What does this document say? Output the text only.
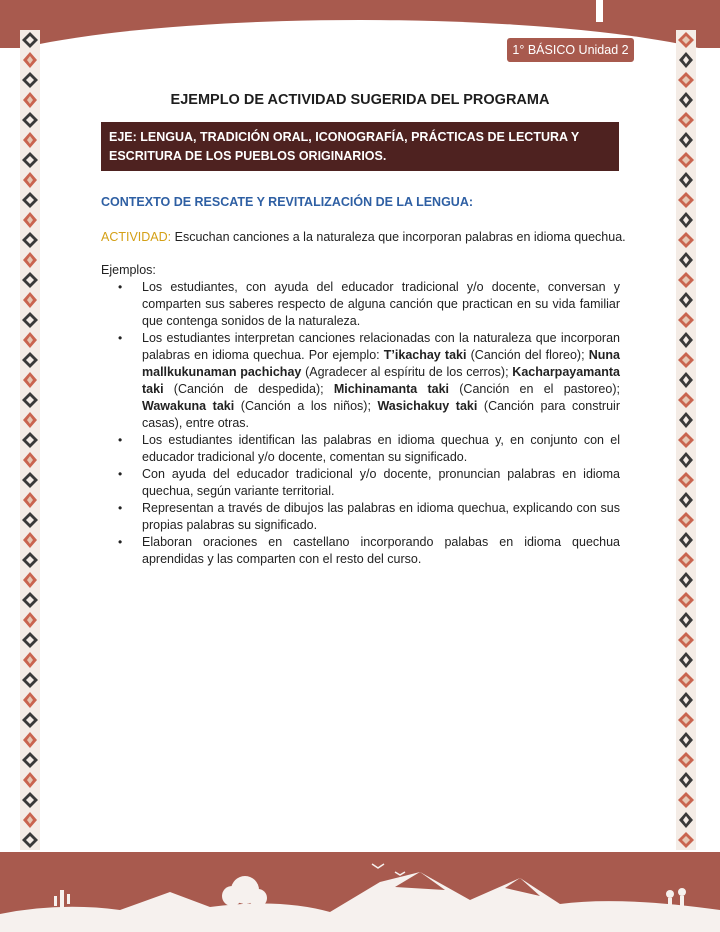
1° BÁSICO Unidad 2
EJEMPLO DE ACTIVIDAD SUGERIDA DEL PROGRAMA
EJE: LENGUA, TRADICIÓN ORAL, ICONOGRAFÍA, PRÁCTICAS DE LECTURA Y ESCRITURA DE LOS PUEBLOS ORIGINARIOS.
CONTEXTO DE RESCATE Y REVITALIZACIÓN DE LA LENGUA:
ACTIVIDAD: Escuchan canciones a la naturaleza que incorporan palabras en idioma quechua.
Ejemplos:
• Los estudiantes, con ayuda del educador tradicional y/o docente, conversan y comparten sus saberes respecto de alguna canción que practican en su vida familiar que contenga sonidos de la naturaleza.
• Los estudiantes interpretan canciones relacionadas con la naturaleza que incorporan palabras en idioma quechua. Por ejemplo: T’ikachay taki (Canción del floreo); Nuna mallkukunaman pachichay (Agradecer al espíritu de los cerros); Kacharpayamanta taki (Canción de despedida); Michinamanta taki (Canción en el pastoreo); Wawakuna taki (Canción a los niños); Wasichakuy taki (Canción para construir casas), entre otras.
• Los estudiantes identifican las palabras en idioma quechua y, en conjunto con el educador tradicional y/o docente, comentan su significado.
• Con ayuda del educador tradicional y/o docente, pronuncian palabras en idioma quechua, según variante territorial.
• Representan a través de dibujos las palabras en idioma quechua, explicando con sus propias palabras su significado.
• Elaboran oraciones en castellano incorporando palabas en idioma quechua aprendidas y las comparten con el resto del curso.
